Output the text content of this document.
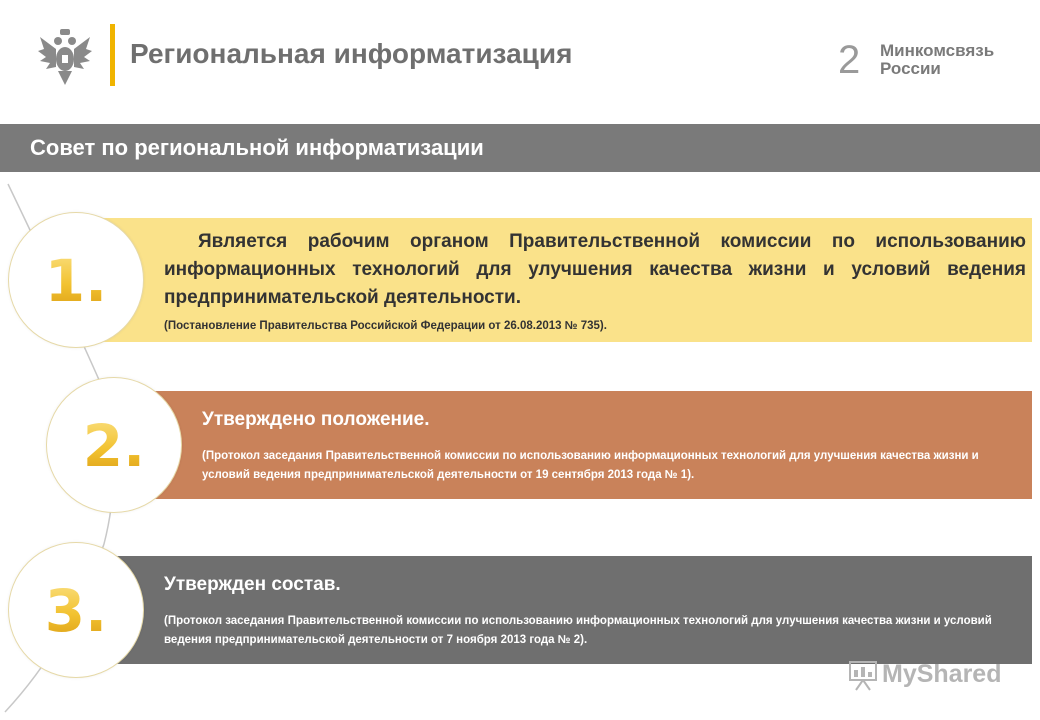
Региональная информатизация	2 Минкомсвязь
России
Совет по региональной информатизации
1.
2.
3.
Является рабочим органом Правительственной комиссии по использованию информационных технологий для улучшения качества жизни и условий ведения предпринимательской деятельности.
(Постановление Правительства Российской Федерации от 26.08.2013 № 735).
Утверждено положение.
(Протокол заседания Правительственной комиссии по использованию информационных технологий для улучшения качества жизни и условий ведения предпринимательской деятельности от 19 сентября 2013 года № 1).
Утвержден состав.
(Протокол заседания Правительственной комиссии по использованию информационных технологий для улучшения качества жизни и условий ведения предпринимательской деятельности от 7 ноября 2013 года № 2).
MyShared
